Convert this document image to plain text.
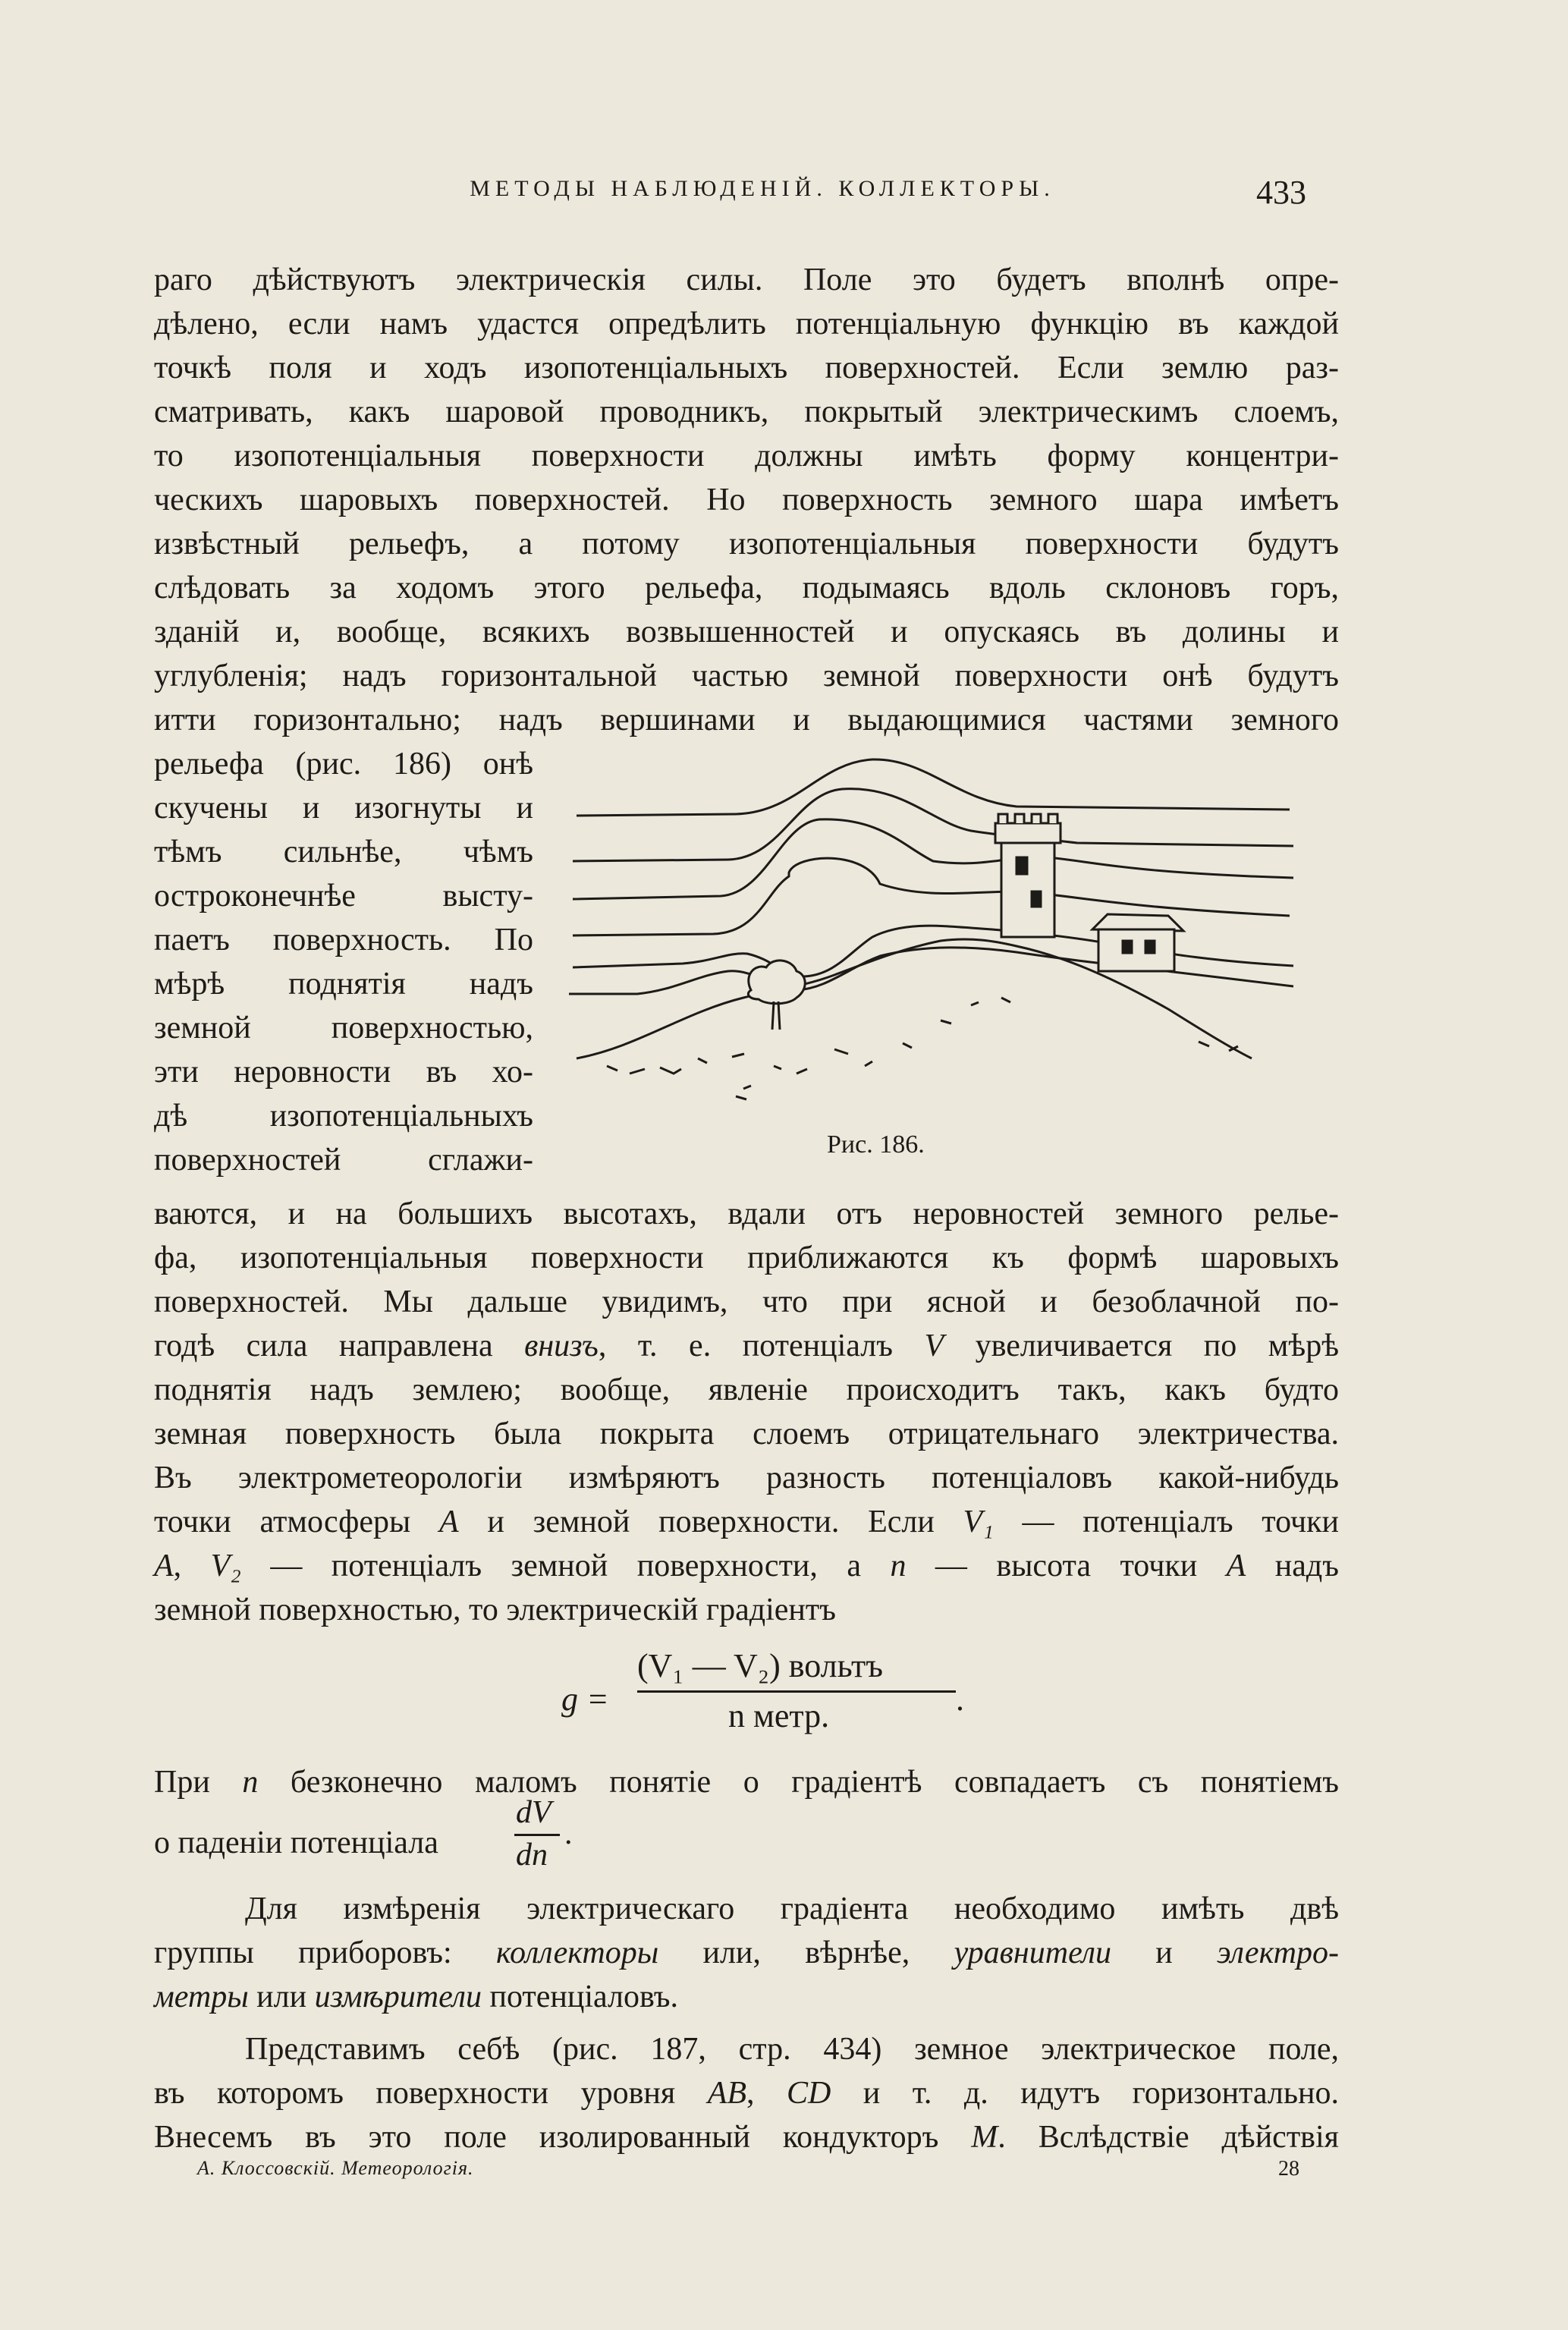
МЕТОДЫ НАБЛЮДЕНІЙ. КОЛЛЕКТОРЫ.	433
раго дѣйствуютъ электрическія силы. Поле это будетъ вполнѣ опре-
дѣлено, если намъ удастся опредѣлить потенціальную функцію въ каждой
точкѣ поля и ходъ изопотенціальныхъ поверхностей. Если землю раз-
сматривать, какъ шаровой проводникъ, покрытый электрическимъ слоемъ,
то изопотенціальныя поверхности должны имѣть форму концентри-
ческихъ шаровыхъ поверхностей. Но поверхность земного шара имѣетъ
извѣстный рельефъ, а потому изопотенціальныя поверхности будутъ
слѣдовать за ходомъ этого рельефа, подымаясь вдоль склоновъ горъ,
зданій и, вообще, всякихъ возвышенностей и опускаясь въ долины и
углубленія; надъ горизонтальной частью земной поверхности онѣ будутъ
итти горизонтально; надъ вершинами и выдающимися частями земного
рельефа (рис. 186) онѣ
скучены и изогнуты и
тѣмъ сильнѣе, чѣмъ
остроконечнѣе высту-
паетъ поверхность. По
мѣрѣ поднятія надъ
земной поверхностью,
эти неровности въ хо-
дѣ изопотенціальныхъ
поверхностей сглажи-	Рис. 186.
ваются, и на большихъ высотахъ, вдали отъ неровностей земного релье-
фа, изопотенціальныя поверхности приближаются къ формѣ шаровыхъ
поверхностей. Мы дальше увидимъ, что при ясной и безоблачной по-
годѣ сила направлена внизъ, т. е. потенціалъ V увеличивается по мѣрѣ
поднятія надъ землею; вообще, явленіе происходитъ такъ, какъ будто
земная поверхность была покрыта слоемъ отрицательнаго электричества.
Въ электрометеорологіи измѣряютъ разность потенціаловъ какой-нибудь
точки атмосферы A и земной поверхности. Если V₁ — потенціалъ точки
A, V₂ — потенціалъ земной поверхности, а n — высота точки A надъ
земной поверхностью, то электрическій градіентъ
g =
(V₁ — V₂) вольтъ
n метр.	.
При n безконечно маломъ понятіе о градіентѣ совпадаетъ съ понятіемъ
о паденіи потенціала
dV
dn
.
Для измѣренія электрическаго градіента необходимо имѣть двѣ
группы приборовъ: коллекторы или, вѣрнѣе, уравнители и электро-
метры или измѣрители потенціаловъ.
Представимъ себѣ (рис. 187, стр. 434) земное электрическое поле,
въ которомъ поверхности уровня AB, CD и т. д. идутъ горизонтально.
Внесемъ въ это поле изолированный кондукторъ M. Вслѣдствіе дѣйствія
А. Клоссовскій. Метеорологія.	28
